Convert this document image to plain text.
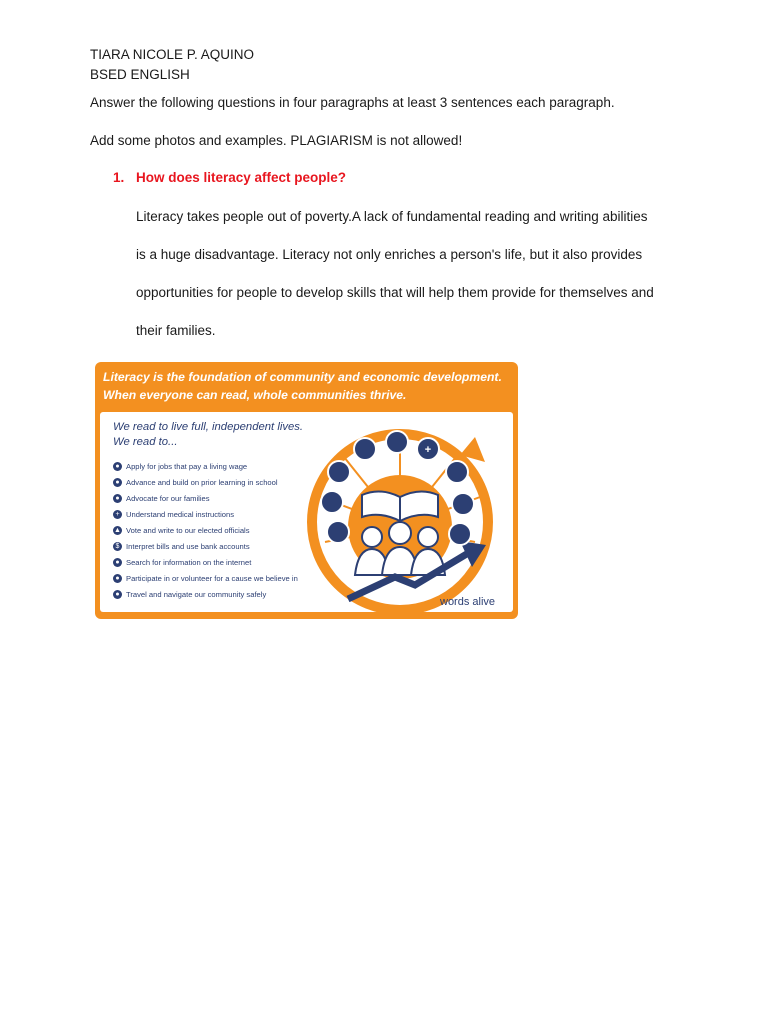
TIARA NICOLE P. AQUINO
BSED ENGLISH
Answer the following questions in four paragraphs at least 3 sentences each paragraph.
Add some photos and examples. PLAGIARISM is not allowed!
1. How does literacy affect people?
Literacy takes people out of poverty.A lack of fundamental reading and writing abilities
is a huge disadvantage. Literacy not only enriches a person's life, but it also provides
opportunities for people to develop skills that will help them provide for themselves and
their families.
Literacy is the foundation of community and economic development.
When everyone can read, whole communities thrive.
We read to live full, independent lives.
We read to...
● Apply for jobs that pay a living wage
● Advance and build on prior learning in school
● Advocate for our families
+ Understand medical instructions
▲ Vote and write to our elected officials
$ Interpret bills and use bank accounts
● Search for information on the internet
● Participate in or volunteer for a cause we believe in
● Travel and navigate our community safely
+
words alive
